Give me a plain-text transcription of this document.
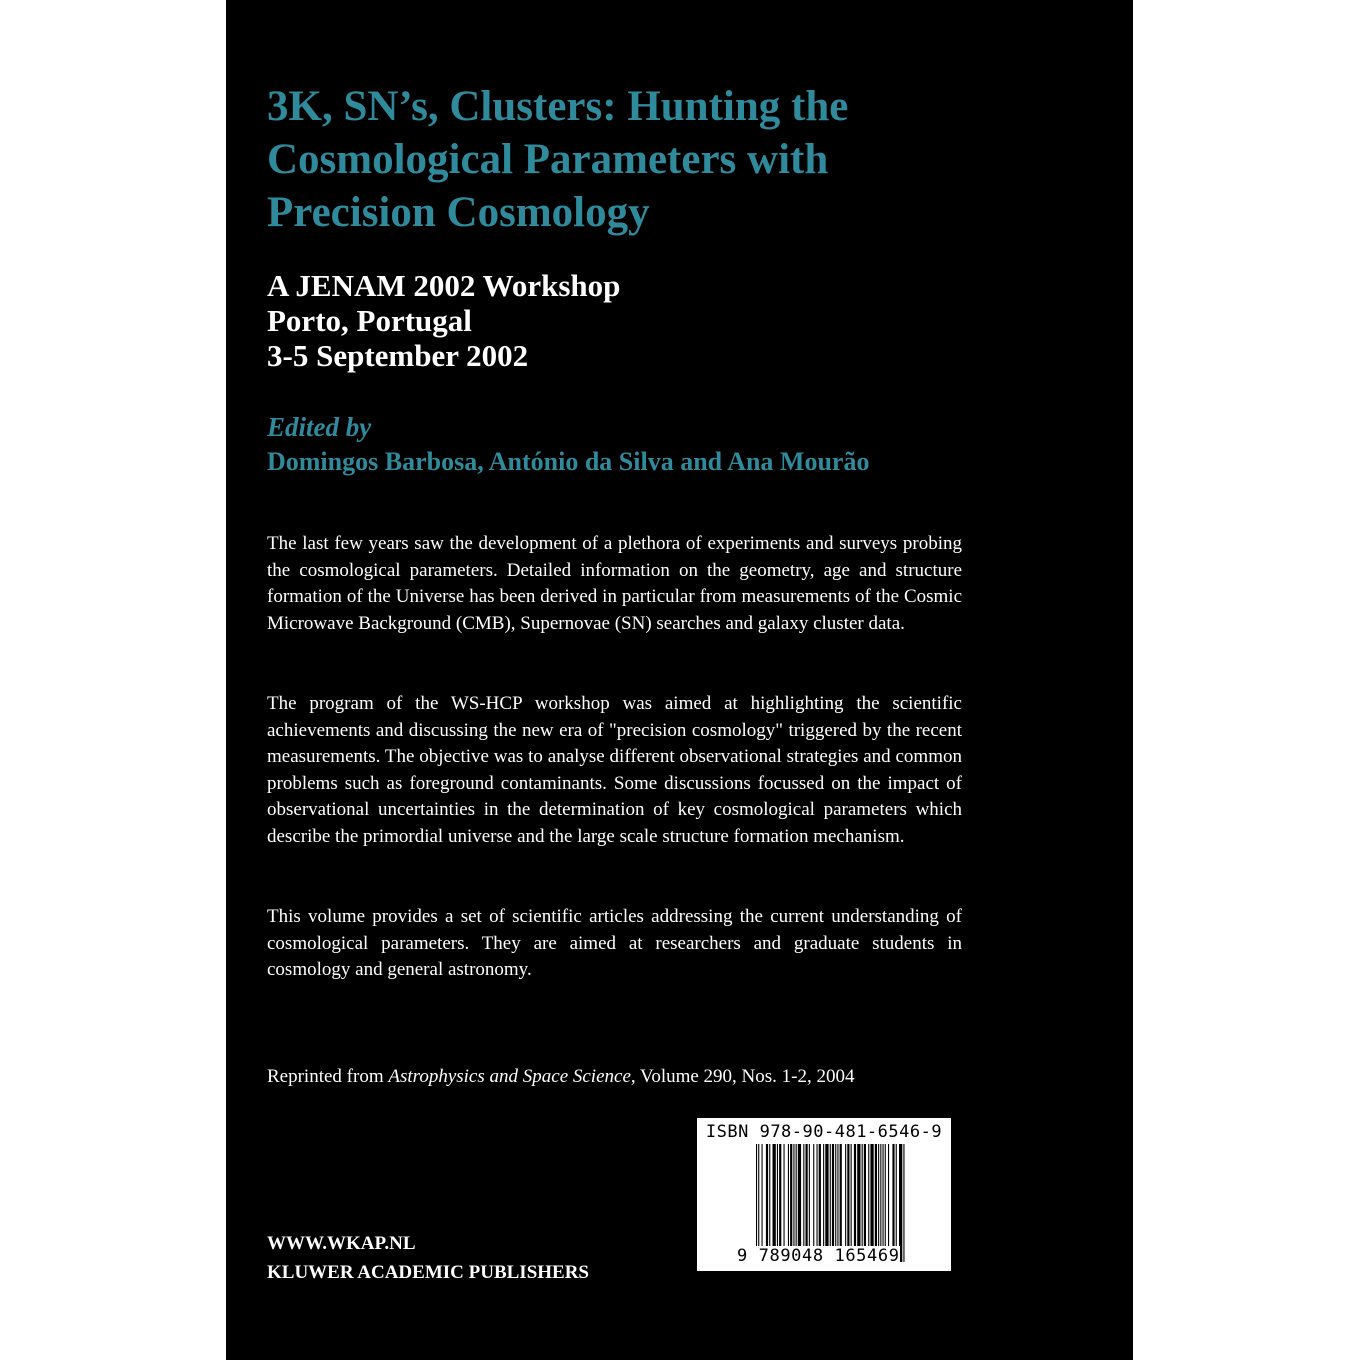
3K, SN’s, Clusters: Hunting the
Cosmological Parameters with
Precision Cosmology
A JENAM 2002 Workshop
Porto, Portugal
3-5 September 2002
Edited by
Domingos Barbosa, António da Silva and Ana Mourão

The last few years saw the development of a plethora of experiments and surveys probing the cosmological parameters. Detailed information on the geometry, age and structure formation of the Universe has been derived in particular from measurements of the Cosmic Microwave Background (CMB), Supernovae (SN) searches and galaxy cluster data.

The program of the WS-HCP workshop was aimed at highlighting the scientific achievements and discussing the new era of "precision cosmology" triggered by the recent measurements. The objective was to analyse different observational strategies and common problems such as foreground contaminants. Some discussions focussed on the impact of observational uncertainties in the determination of key cosmological parameters which describe the primordial universe and the large scale structure formation mechanism.

This volume provides a set of scientific articles addressing the current understanding of cosmological parameters. They are aimed at researchers and graduate students in cosmology and general astronomy.

Reprinted from Astrophysics and Space Science, Volume 290, Nos. 1-2, 2004
WWW.WKAP.NL
KLUWER ACADEMIC PUBLISHERS
ISBN 978-90-481-6546-9
9 789048 165469
